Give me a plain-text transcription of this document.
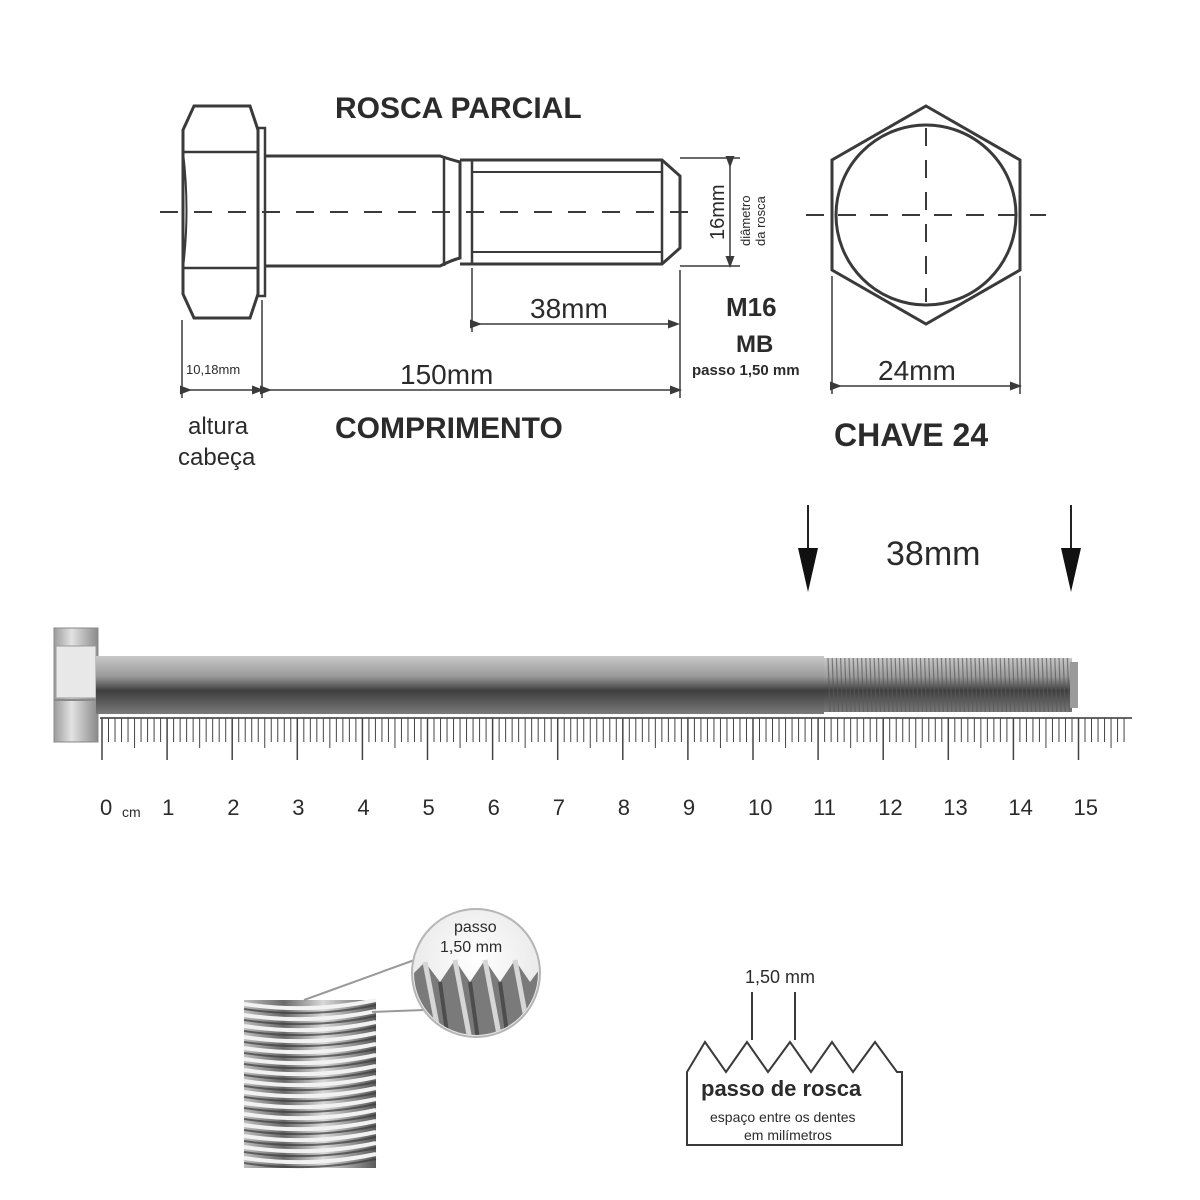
16mm diâmetro da rosca
38mm
150mm
10,18mm
ROSCA PARCIAL
COMPRIMENTO
altura
cabeça
M16
MB
passo 1,50 mm	24mm
CHAVE 24
38mm
0 1 2 3 4 5 6 7 8 9 10 11 12 13 14 15
cm
passo
1,50 mm
1,50 mm
passo de rosca
espaço entre os dentes
em milímetros
